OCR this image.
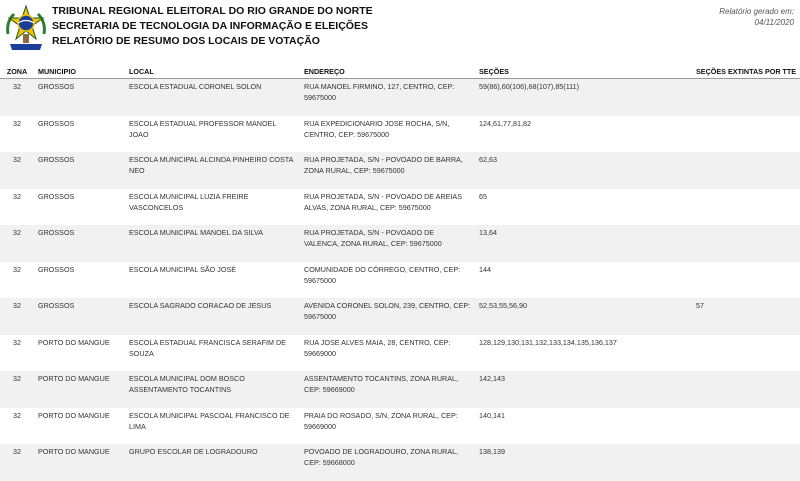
TRIBUNAL REGIONAL ELEITORAL DO RIO GRANDE DO NORTE
SECRETARIA DE TECNOLOGIA DA INFORMAÇÃO E ELEIÇÕES
RELATÓRIO DE RESUMO DOS LOCAIS DE VOTAÇÃO
Relatório gerado em:
04/11/2020
ZONA	MUNICIPIO	LOCAL	ENDEREÇO	SEÇÕES	SEÇÕES EXTINTAS POR TTE
32	GROSSOS	ESCOLA ESTADUAL CORONEL SOLON	RUA MANOEL FIRMINO, 127, CENTRO, CEP: 59675000	59(86),60(106),68(107),85(111)	
32	GROSSOS	ESCOLA ESTADUAL PROFESSOR MANOEL JOAO	RUA EXPEDICIONARIO JOSE ROCHA, S/N, CENTRO, CEP: 59675000	124,61,77,81,82	
32	GROSSOS	ESCOLA MUNICIPAL ALCINDA PINHEIRO COSTA NEO	RUA PROJETADA, S/N - POVOADO DE BARRA, ZONA RURAL, CEP: 59675000	62,63	
32	GROSSOS	ESCOLA MUNICIPAL LUZIA FREIRE VASCONCELOS	RUA PROJETADA, S/N - POVOADO DE AREIAS ALVAS, ZONA RURAL, CEP: 59675000	65	
32	GROSSOS	ESCOLA MUNICIPAL MANOEL DA SILVA	RUA PROJETADA, S/N - POVOADO DE VALENCA, ZONA RURAL, CEP: 59675000	13,64	
32	GROSSOS	ESCOLA MUNICIPAL SÃO JOSÉ	COMUNIDADE DO CÓRREGO, CENTRO, CEP: 59675000	144	
32	GROSSOS	ESCOLA SAGRADO CORACAO DE JESUS	AVENIDA CORONEL SOLON, 239, CENTRO, CEP: 59675000	52,53,55,56,90	57
32	PORTO DO MANGUE	ESCOLA ESTADUAL FRANCISCA SERAFIM DE SOUZA	RUA JOSE ALVES MAIA, 28, CENTRO, CEP: 59669000	128,129,130,131,132,133,134,135,136,137	
32	PORTO DO MANGUE	ESCOLA MUNICIPAL DOM BOSCO ASSENTAMENTO TOCANTINS	ASSENTAMENTO TOCANTINS, ZONA RURAL, CEP: 59669000	142,143	
32	PORTO DO MANGUE	ESCOLA MUNICIPAL PASCOAL FRANCISCO DE LIMA	PRAIA DO ROSADO, S/N, ZONA RURAL, CEP: 59669000	140,141	
32	PORTO DO MANGUE	GRUPO ESCOLAR DE LOGRADOURO	POVOADO DE LOGRADOURO, ZONA RURAL, CEP: 59668000	138,139	
